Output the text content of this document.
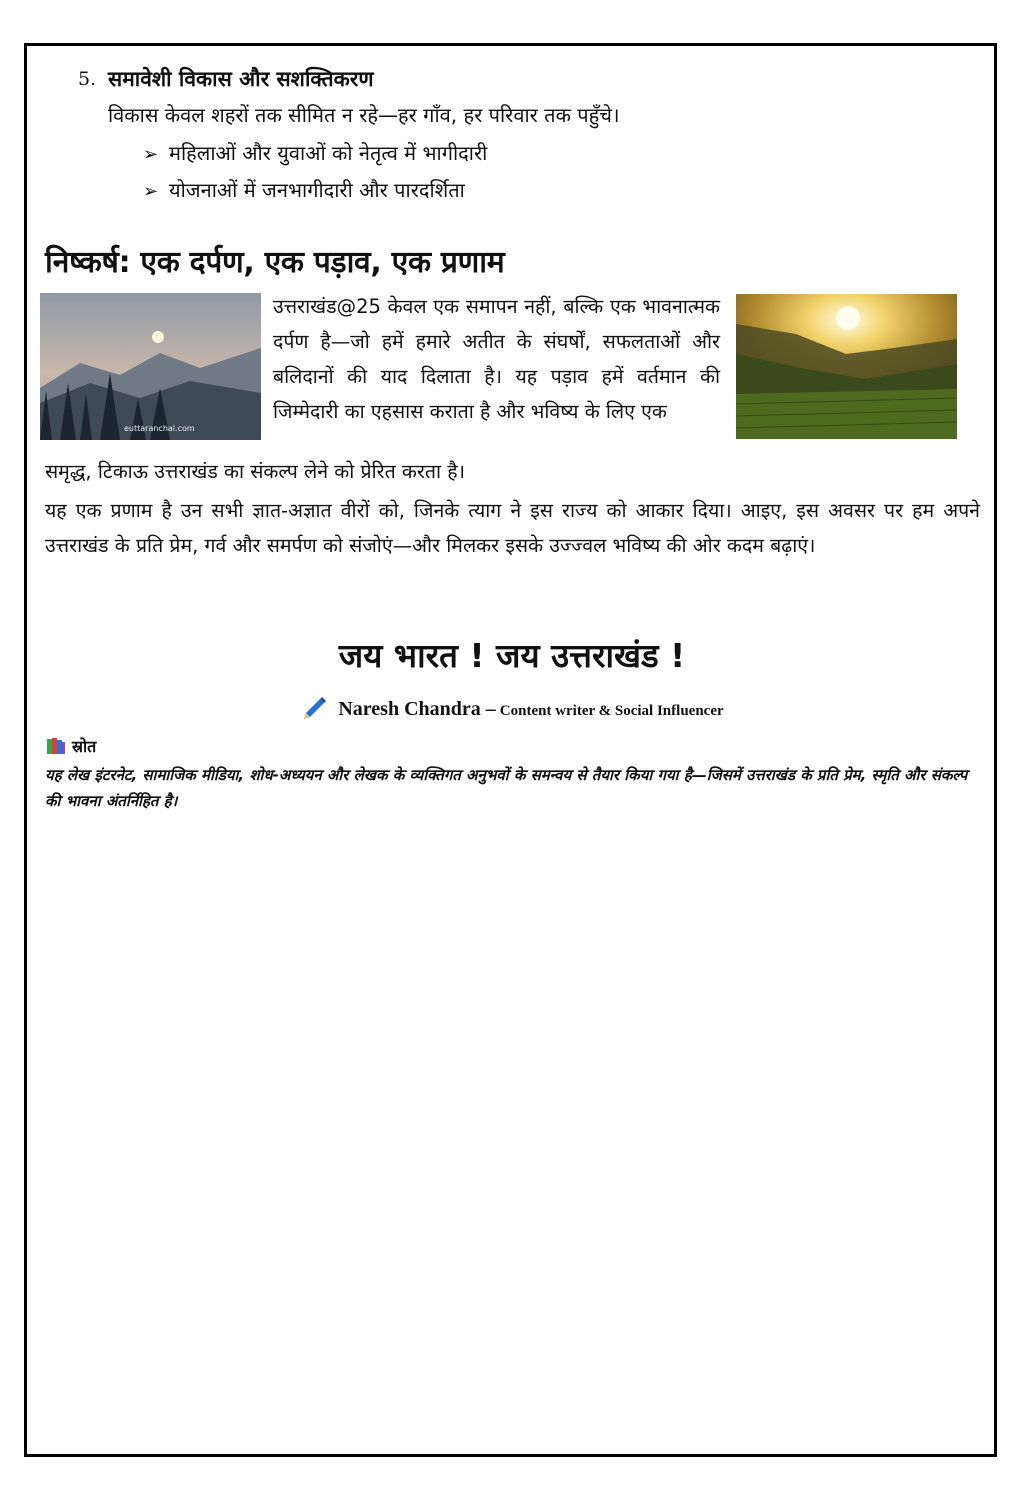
5. समावेशी विकास और सशक्तिकरण
विकास केवल शहरों तक सीमित न रहे—हर गाँव, हर परिवार तक पहुँचे।
➢ महिलाओं और युवाओं को नेतृत्व में भागीदारी
➢ योजनाओं में जनभागीदारी और पारदर्शिता
निष्कर्ष: एक दर्पण, एक पड़ाव, एक प्रणाम
euttaranchal.com
उत्तराखंड@25 केवल एक समापन नहीं, बल्कि एक भावनात्मक दर्पण है—जो हमें हमारे अतीत के संघर्षों, सफलताओं और बलिदानों की याद दिलाता है। यह पड़ाव हमें वर्तमान की जिम्मेदारी का एहसास कराता है और भविष्य के लिए एक
समृद्ध, टिकाऊ उत्तराखंड का संकल्प लेने को प्रेरित करता है।
यह एक प्रणाम है उन सभी ज्ञात-अज्ञात वीरों को, जिनके त्याग ने इस राज्य को आकार दिया। आइए, इस अवसर पर हम अपने उत्तराखंड के प्रति प्रेम, गर्व और समर्पण को संजोएं—और मिलकर इसके उज्ज्वल भविष्य की ओर कदम बढ़ाएं।
जय भारत ! जय उत्तराखंड !
Naresh Chandra – Content writer & Social Influencer
स्रोत
यह लेख इंटरनेट, सामाजिक मीडिया, शोध-अध्ययन और लेखक के व्यक्तिगत अनुभवों के समन्वय से तैयार किया गया है—जिसमें उत्तराखंड के प्रति प्रेम, स्मृति और संकल्प की भावना अंतर्निहित है।
